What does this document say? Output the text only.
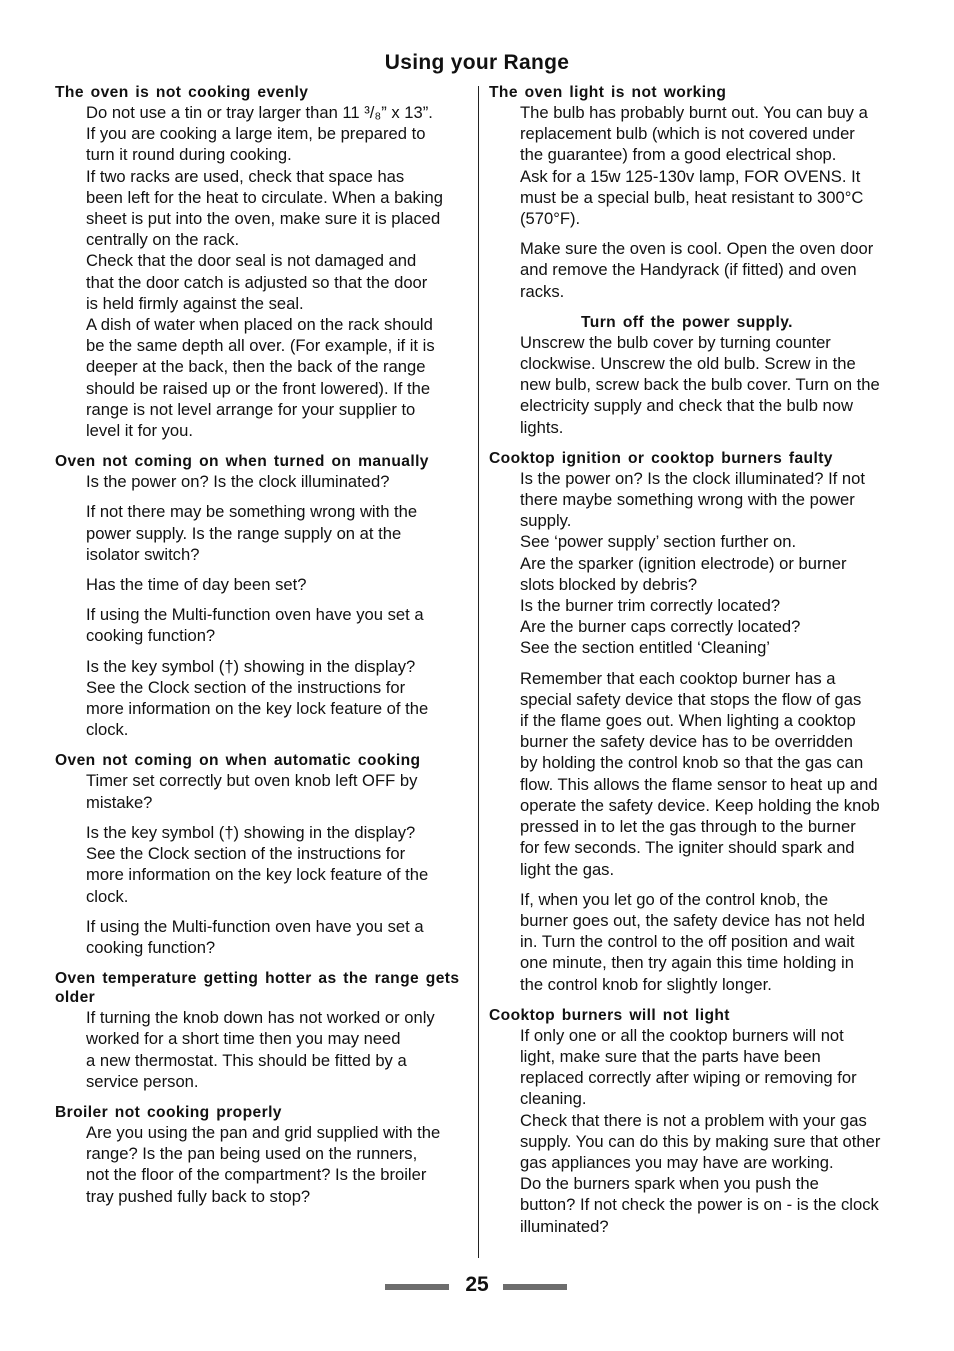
Using your Range
The oven is not cooking evenly
Do not use a tin or tray larger than 11 ³/₈” x 13”.
If you are cooking a large item, be prepared to
turn it round during cooking.
If two racks are used, check that space has
been left for the heat to circulate. When a baking
sheet is put into the oven, make sure it is placed
centrally on the rack.
Check that the door seal is not damaged and
that the door catch is adjusted so that the door
is held firmly against the seal.
A dish of water when placed on the rack should
be the same depth all over. (For example, if it is
deeper at the back, then the back of the range
should be raised up or the front lowered). If the
range is not level arrange for your supplier to
level it for you.
Oven not coming on when turned on manually
Is the power on? Is the clock illuminated?
If not there may be something wrong with the
power supply. Is the range supply on at the
isolator switch?
Has the time of day been set?
If using the Multi-function oven have you set a
cooking function?
Is the key symbol (†) showing in the display?
See the Clock section of the instructions for
more information on the key lock feature of the
clock.
Oven not coming on when automatic cooking
Timer set correctly but oven knob left OFF by
mistake?
Is the key symbol (†) showing in the display?
See the Clock section of the instructions for
more information on the key lock feature of the
clock.
If using the Multi-function oven have you set a
cooking function?
Oven temperature getting hotter as the range gets older
If turning the knob down has not worked or only
worked for a short time then you may need
a new thermostat. This should be fitted by a
service person.
Broiler not cooking properly
Are you using the pan and grid supplied with the
range? Is the pan being used on the runners,
not the floor of the compartment? Is the broiler
tray pushed fully back to stop?
The oven light is not working
The bulb has probably burnt out. You can buy a
replacement bulb (which is not covered under
the guarantee) from a good electrical shop.
Ask for a 15w 125-130v lamp, FOR OVENS. It
must be a special bulb, heat resistant to 300°C
(570°F).
Make sure the oven is cool. Open the oven door
and remove the Handyrack (if fitted) and oven
racks.
Turn off the power supply.
Unscrew the bulb cover by turning counter
clockwise. Unscrew the old bulb. Screw in the
new bulb, screw back the bulb cover. Turn on the
electricity supply and check that the bulb now
lights.
Cooktop ignition or cooktop burners faulty
Is the power on? Is the clock illuminated? If not
there maybe something wrong with the power
supply.
See ‘power supply’ section further on.
Are the sparker (ignition electrode) or burner
slots blocked by debris?
Is the burner trim correctly located?
Are the burner caps correctly located?
See the section entitled ‘Cleaning’
Remember that each cooktop burner has a
special safety device that stops the flow of gas
if the flame goes out. When lighting a cooktop
burner the safety device has to be overridden
by holding the control knob so that the gas can
flow. This allows the flame sensor to heat up and
operate the safety device. Keep holding the knob
pressed in to let the gas through to the burner
for few seconds. The igniter should spark and
light the gas.
If, when you let go of the control knob, the
burner goes out, the safety device has not held
in. Turn the control to the off position and wait
one minute, then try again this time holding in
the control knob for slightly longer.
Cooktop burners will not light
If only one or all the cooktop burners will not
light, make sure that the parts have been
replaced correctly after wiping or removing for
cleaning.
Check that there is not a problem with your gas
supply. You can do this by making sure that other
gas appliances you may have are working.
Do the burners spark when you push the
button? If not check the power is on - is the clock
illuminated?
25
